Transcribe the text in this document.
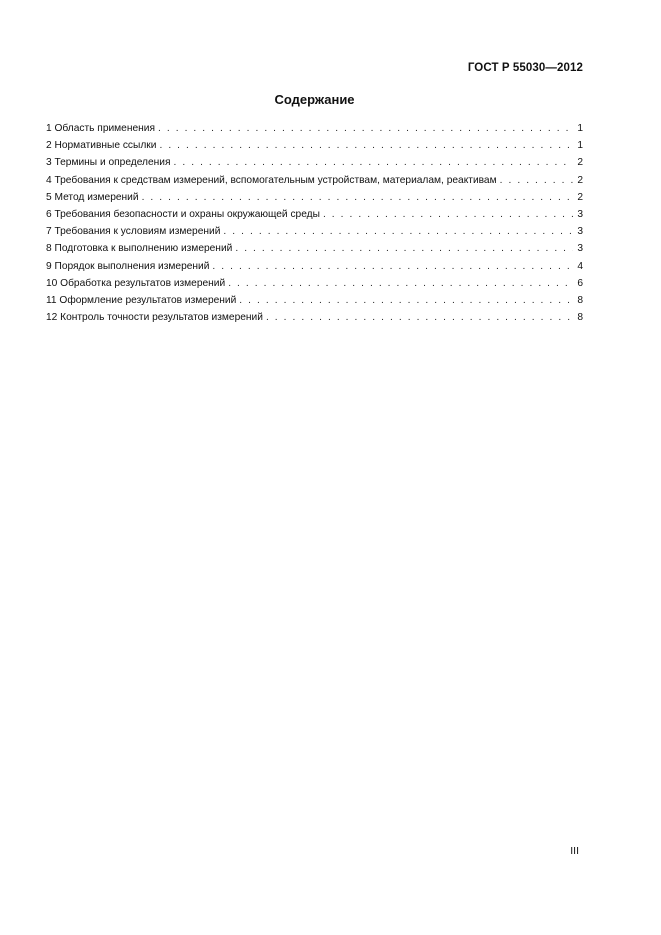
ГОСТ Р 55030—2012
Содержание
1 Область применения . . .	1
2 Нормативные ссылки . . .	1
3 Термины и определения . . .	2
4 Требования к средствам измерений, вспомогательным устройствам, материалам, реактивам . . .	2
5 Метод измерений . . .	2
6 Требования безопасности и охраны окружающей среды . . .	3
7 Требования к условиям измерений . . .	3
8 Подготовка к выполнению измерений . . .	3
9 Порядок выполнения измерений . . .	4
10 Обработка результатов измерений . . .	6
11 Оформление результатов измерений . . .	8
12 Контроль точности результатов измерений . . .	8
III
